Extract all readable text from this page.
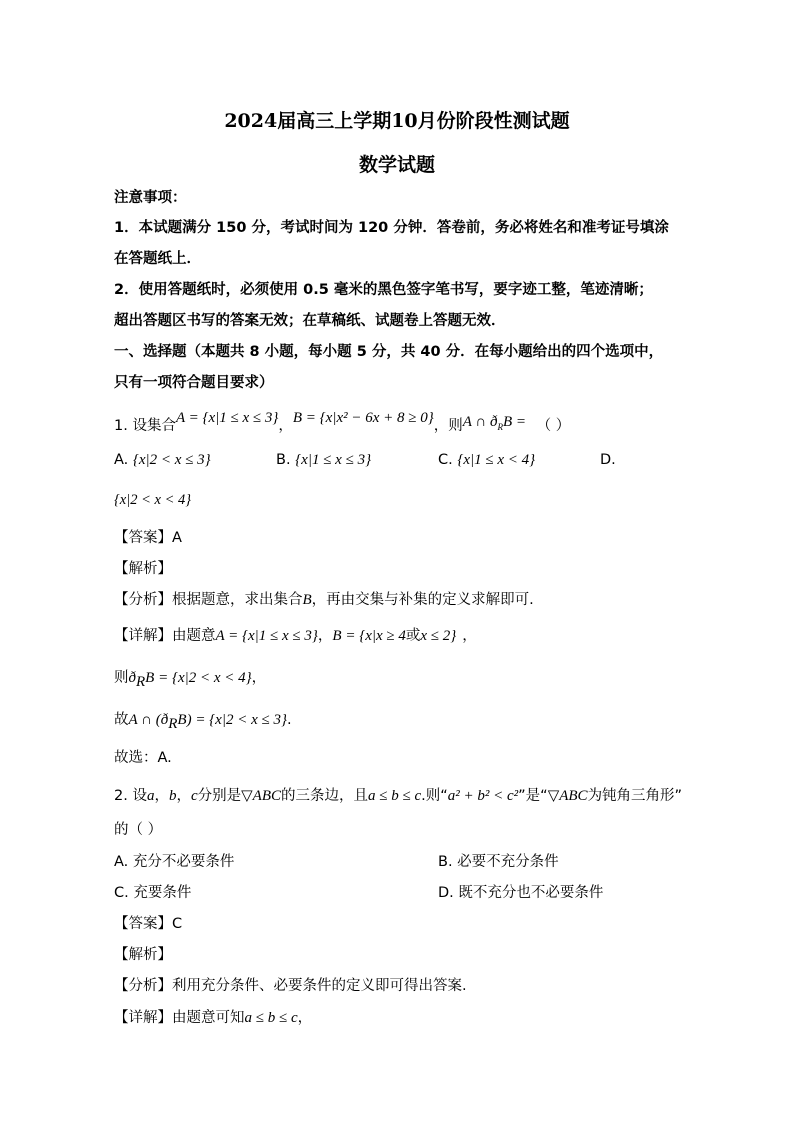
2024届高三上学期10月份阶段性测试题
数学试题
注意事项：
1．本试题满分 150 分，考试时间为 120 分钟．答卷前，务必将姓名和准考证号填涂
在答题纸上．
2．使用答题纸时，必须使用 0.5 毫米的黑色签字笔书写，要字迹工整，笔迹清晰；
超出答题区书写的答案无效；在草稿纸、试题卷上答题无效．
一、选择题（本题共 8 小题，每小题 5 分，共 40 分．在每小题给出的四个选项中，
只有一项符合题目要求）
1. 设集合A = {x|1 ≤ x ≤ 3}，B = {x|x² − 6x + 8 ≥ 0}，则A ∩ $ð_RB$ = （ ）
A. {x|2 < x ≤ 3}	B. {x|1 ≤ x ≤ 3}	C. {x|1 ≤ x < 4}	D.
{x|2 < x < 4}
【答案】A
【解析】
【分析】根据题意，求出集合B，再由交集与补集的定义求解即可.
【详解】由题意A = {x|1 ≤ x ≤ 3}，B = {x|x ≥ 4或x ≤ 2} ，
则$ð_RB = \{x|2 < x < 4\}$，
故A ∩ $(ð_RB) = \{x|2 < x \le 3\}$.
故选：A.
2. 设a，b，c分别是▽ABC的三条边，且a ≤ b ≤ c.则“a² + b² < c²”是“▽ABC为钝角三角形”
的（ ）
A. 充分不必要条件	B. 必要不充分条件
C. 充要条件	D. 既不充分也不必要条件
【答案】C
【解析】
【分析】利用充分条件、必要条件的定义即可得出答案.
【详解】由题意可知a ≤ b ≤ c，
